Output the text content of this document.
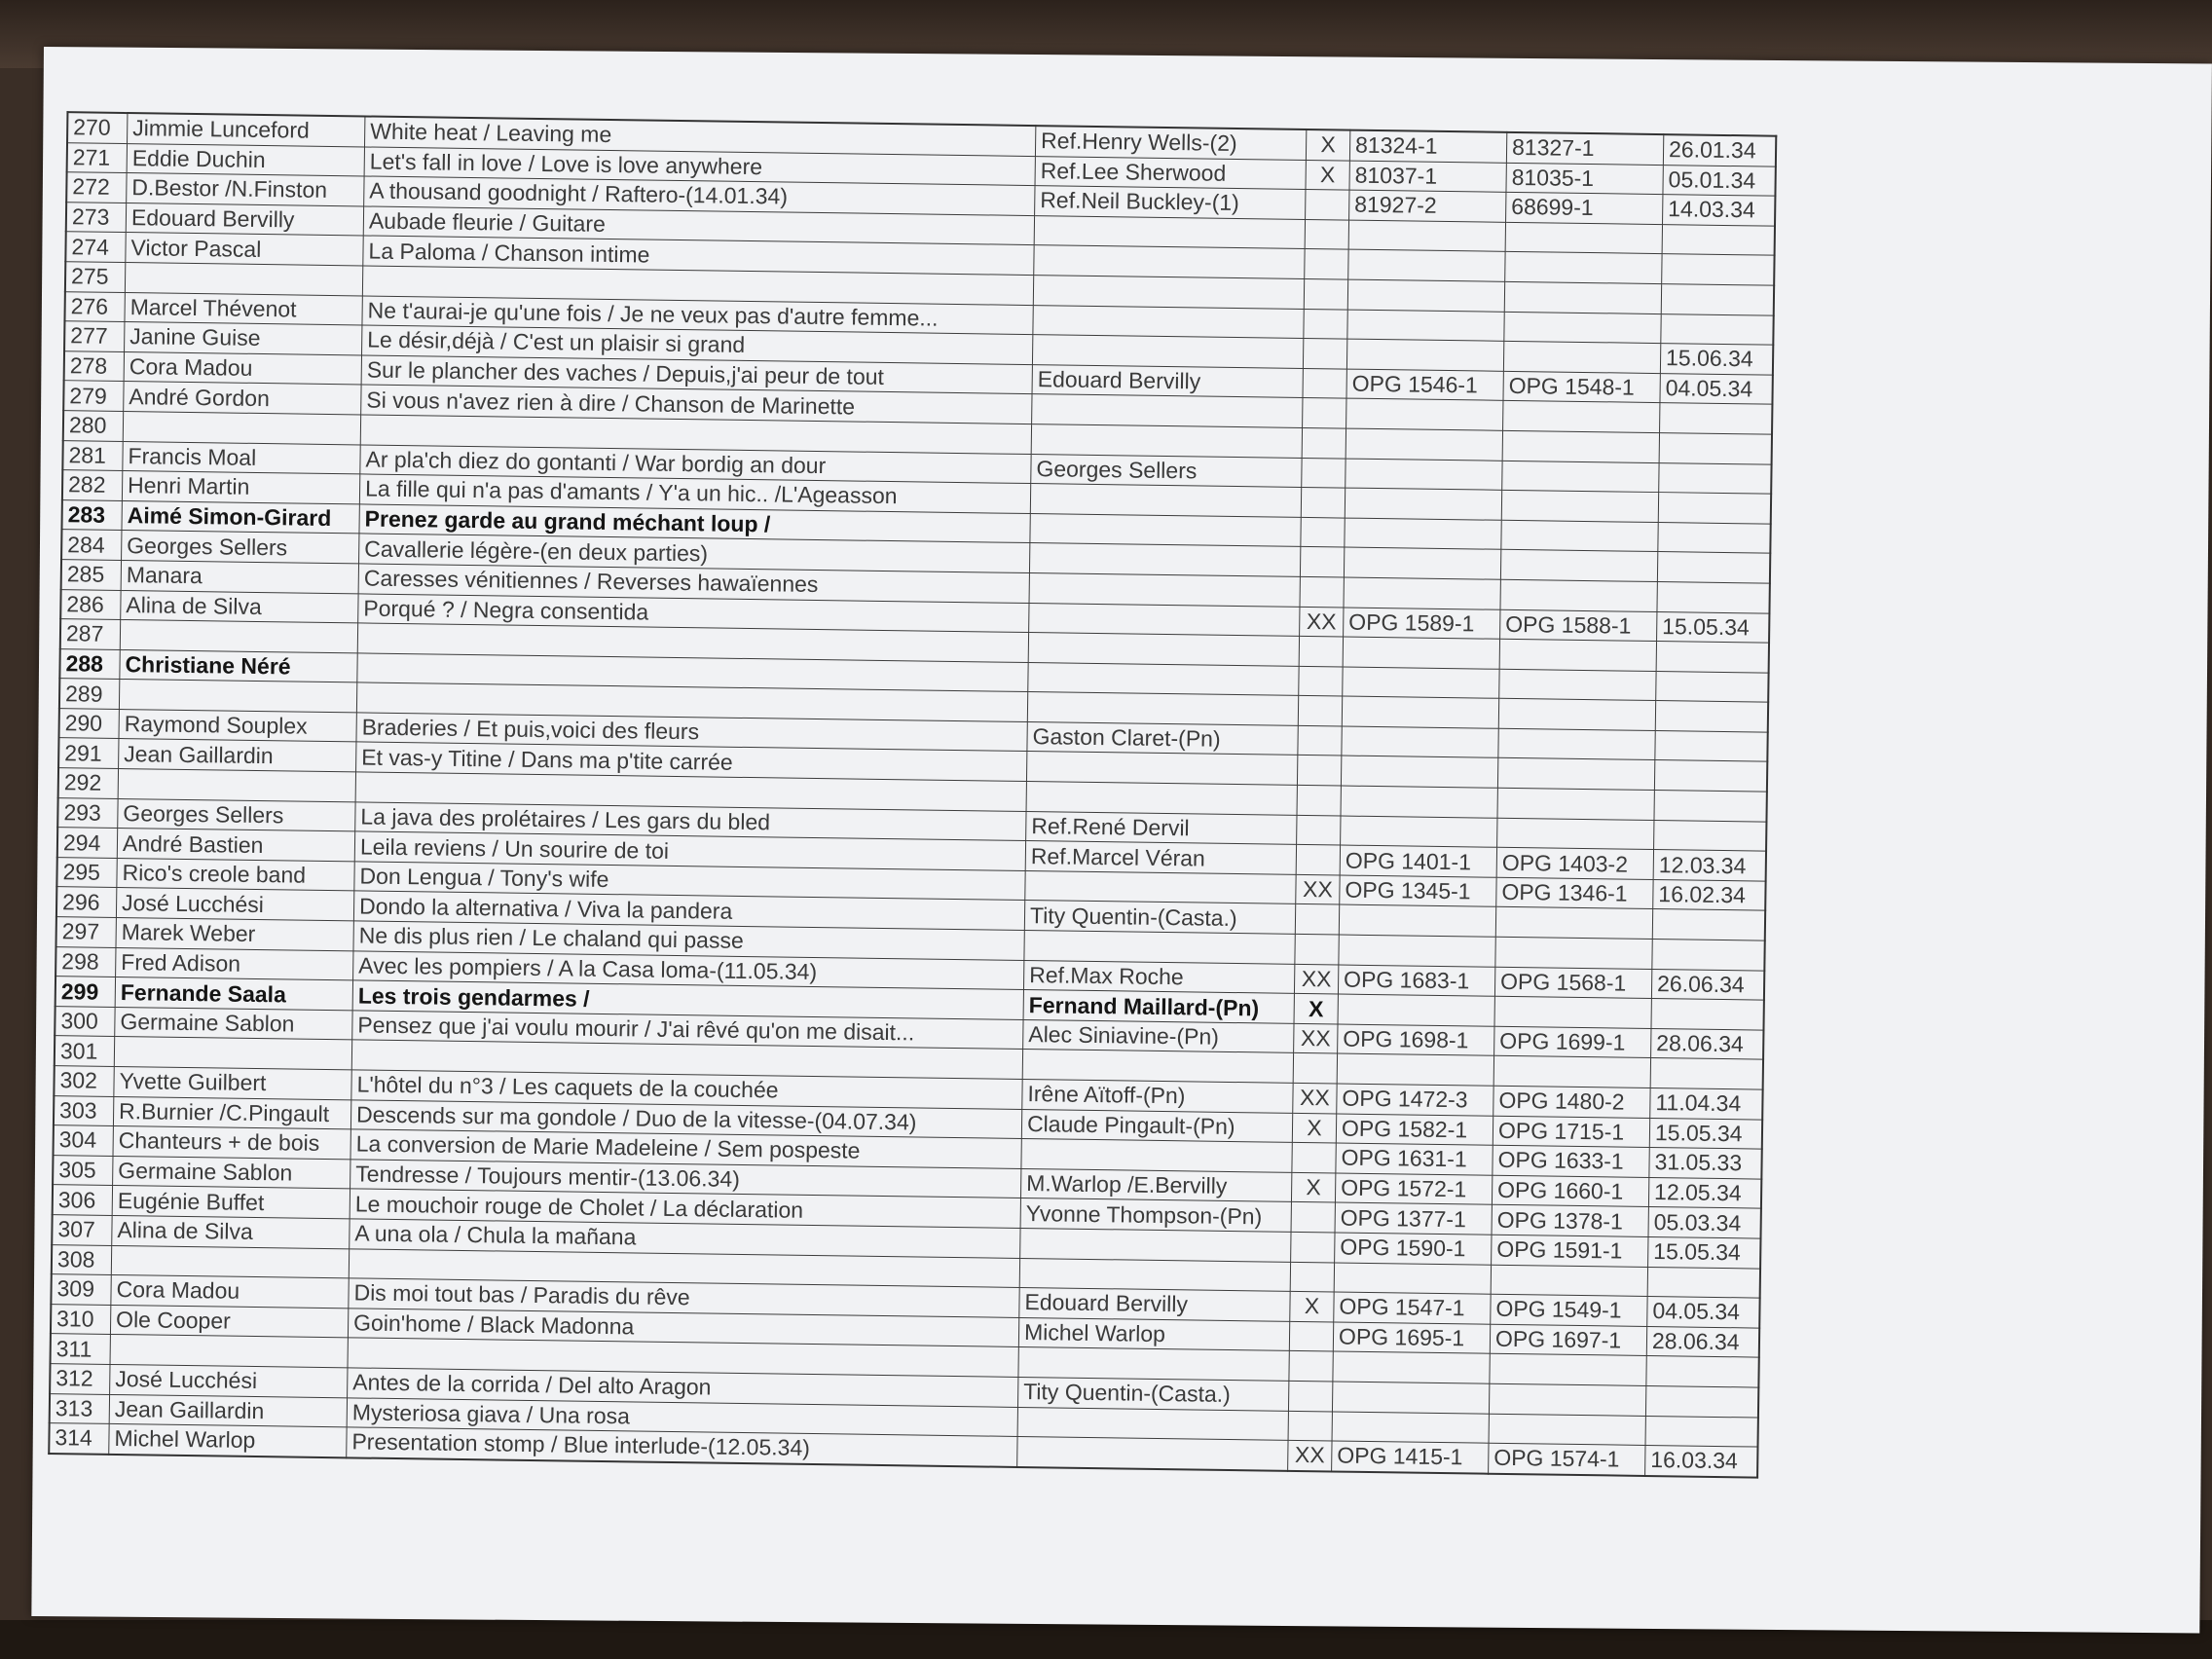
270	Jimmie Lunceford	White heat / Leaving me	Ref.Henry Wells-(2)	X	81324-1	81327-1	26.01.34
271	Eddie Duchin	Let's fall in love / Love is love anywhere	Ref.Lee Sherwood	X	81037-1	81035-1	05.01.34
272	D.Bestor /N.Finston	A thousand goodnight / Raftero-(14.01.34)	Ref.Neil Buckley-(1)		81927-2	68699-1	14.03.34
273	Edouard Bervilly	Aubade fleurie / Guitare					
274	Victor Pascal	La Paloma / Chanson intime					
275							
276	Marcel Thévenot	Ne t'aurai-je qu'une fois / Je ne veux pas d'autre femme...					
277	Janine Guise	Le désir,déjà / C'est un plaisir si grand					15.06.34
278	Cora Madou	Sur le plancher des vaches / Depuis,j'ai peur de tout	Edouard Bervilly		OPG 1546-1	OPG 1548-1	04.05.34
279	André Gordon	Si vous n'avez rien à dire / Chanson de Marinette					
280							
281	Francis Moal	Ar pla'ch diez do gontanti / War bordig an dour	Georges Sellers				
282	Henri Martin	La fille qui n'a pas d'amants / Y'a un hic.. /L'Ageasson					
283	Aimé Simon-Girard	Prenez garde au grand méchant loup /					
284	Georges Sellers	Cavallerie légère-(en deux parties)					
285	Manara	Caresses vénitiennes / Reverses hawaïennes					
286	Alina de Silva	Porqué ? / Negra consentida		XX	OPG 1589-1	OPG 1588-1	15.05.34
287							
288	Christiane Néré						
289							
290	Raymond Souplex	Braderies / Et puis,voici des fleurs	Gaston Claret-(Pn)				
291	Jean Gaillardin	Et vas-y Titine / Dans ma p'tite carrée					
292							
293	Georges Sellers	La java des prolétaires / Les gars du bled	Ref.René Dervil				
294	André Bastien	Leila reviens / Un sourire de toi	Ref.Marcel Véran		OPG 1401-1	OPG 1403-2	12.03.34
295	Rico's creole band	Don Lengua / Tony's wife		XX	OPG 1345-1	OPG 1346-1	16.02.34
296	José Lucchési	Dondo la alternativa / Viva la pandera	Tity Quentin-(Casta.)				
297	Marek Weber	Ne dis plus rien / Le chaland qui passe					
298	Fred Adison	Avec les pompiers / A la Casa loma-(11.05.34)	Ref.Max Roche	XX	OPG 1683-1	OPG 1568-1	26.06.34
299	Fernande Saala	Les trois gendarmes /	Fernand Maillard-(Pn)	X			
300	Germaine Sablon	Pensez que j'ai voulu mourir / J'ai rêvé qu'on me disait...	Alec Siniavine-(Pn)	XX	OPG 1698-1	OPG 1699-1	28.06.34
301							
302	Yvette Guilbert	L'hôtel du n°3 / Les caquets de la couchée	Irêne Aïtoff-(Pn)	XX	OPG 1472-3	OPG 1480-2	11.04.34
303	R.Burnier /C.Pingault	Descends sur ma gondole / Duo de la vitesse-(04.07.34)	Claude Pingault-(Pn)	X	OPG 1582-1	OPG 1715-1	15.05.34
304	Chanteurs + de bois	La conversion de Marie Madeleine / Sem pospeste			OPG 1631-1	OPG 1633-1	31.05.33
305	Germaine Sablon	Tendresse / Toujours mentir-(13.06.34)	M.Warlop /E.Bervilly	X	OPG 1572-1	OPG 1660-1	12.05.34
306	Eugénie Buffet	Le mouchoir rouge de Cholet / La déclaration	Yvonne Thompson-(Pn)		OPG 1377-1	OPG 1378-1	05.03.34
307	Alina de Silva	A una ola / Chula la mañana			OPG 1590-1	OPG 1591-1	15.05.34
308							
309	Cora Madou	Dis moi tout bas / Paradis du rêve	Edouard Bervilly	X	OPG 1547-1	OPG 1549-1	04.05.34
310	Ole Cooper	Goin'home / Black Madonna	Michel Warlop		OPG 1695-1	OPG 1697-1	28.06.34
311							
312	José Lucchési	Antes de la corrida / Del alto Aragon	Tity Quentin-(Casta.)				
313	Jean Gaillardin	Mysteriosa giava / Una rosa					
314	Michel Warlop	Presentation stomp / Blue interlude-(12.05.34)		XX	OPG 1415-1	OPG 1574-1	16.03.34
